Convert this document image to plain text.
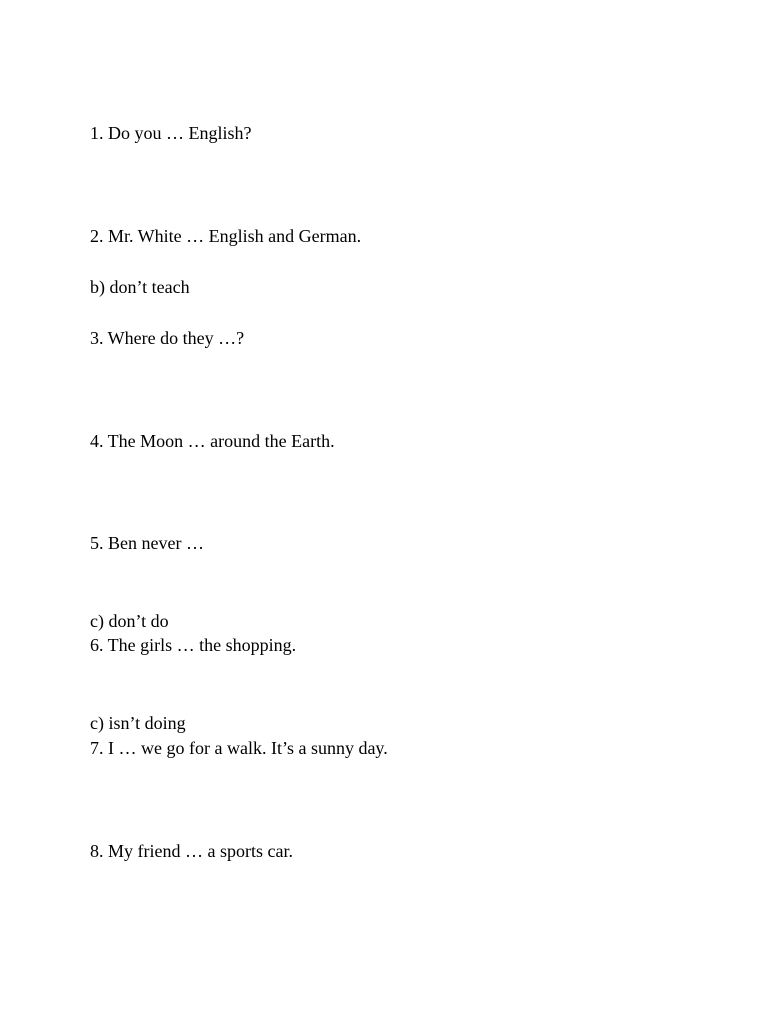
1. Do you … English?
2. Mr. White … English and German.
b) don’t teach
3. Where do they …?
4. The Moon … around the Earth.
5. Ben never …
c) don’t do
6. The girls … the shopping.
c) isn’t doing
7. I … we go for a walk. It’s a sunny day.
8. My friend … a sports car.
